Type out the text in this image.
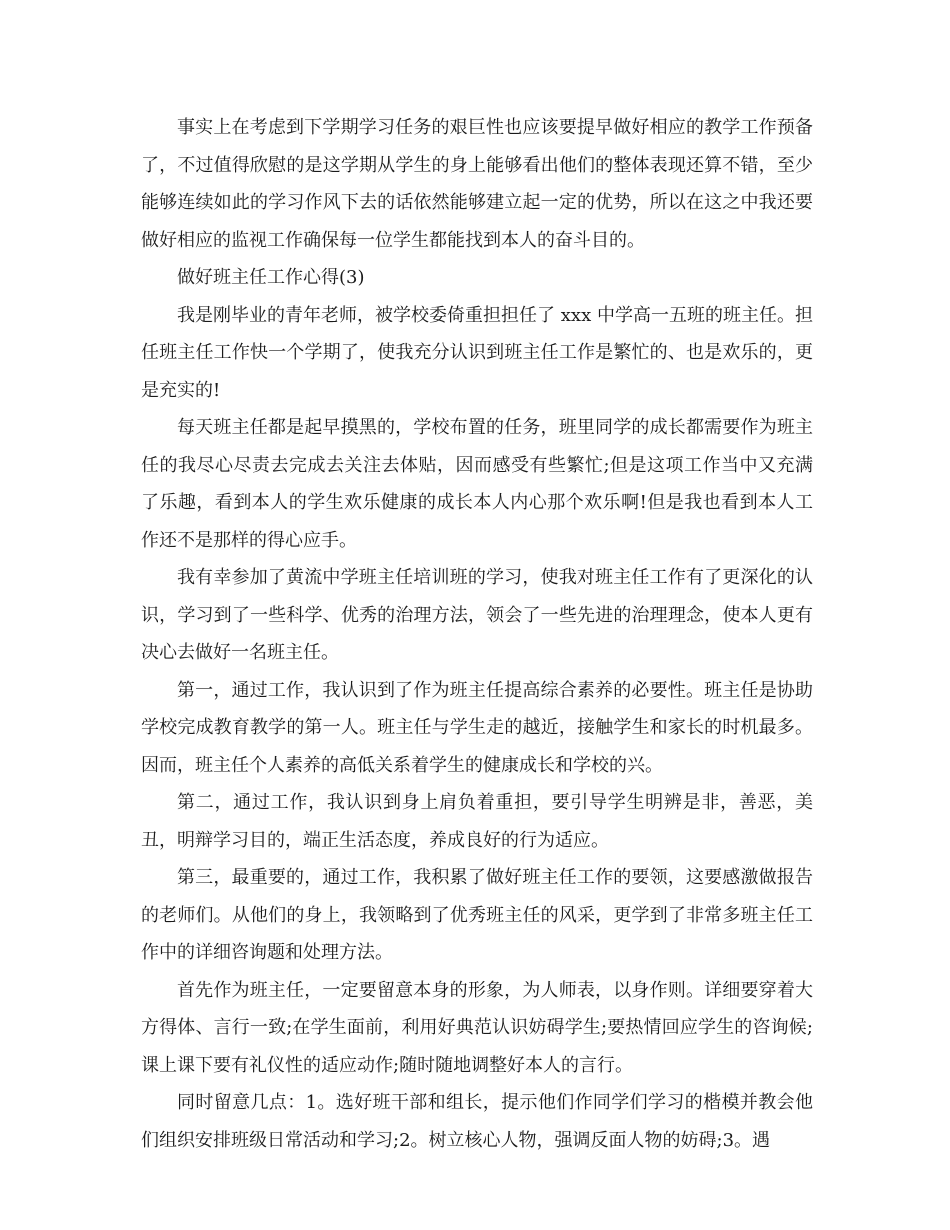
事实上在考虑到下学期学习任务的艰巨性也应该要提早做好相应的教学工作预备了，不过值得欣慰的是这学期从学生的身上能够看出他们的整体表现还算不错，至少能够连续如此的学习作风下去的话依然能够建立起一定的优势，所以在这之中我还要做好相应的监视工作确保每一位学生都能找到本人的奋斗目的。

做好班主任工作心得(3)

我是刚毕业的青年老师，被学校委倚重担担任了 xxx 中学高一五班的班主任。担任班主任工作快一个学期了，使我充分认识到班主任工作是繁忙的、也是欢乐的，更是充实的!

每天班主任都是起早摸黑的，学校布置的任务，班里同学的成长都需要作为班主任的我尽心尽责去完成去关注去体贴，因而感受有些繁忙;但是这项工作当中又充满了乐趣，看到本人的学生欢乐健康的成长本人内心那个欢乐啊!但是我也看到本人工作还不是那样的得心应手。

我有幸参加了黄流中学班主任培训班的学习，使我对班主任工作有了更深化的认识，学习到了一些科学、优秀的治理方法，领会了一些先进的治理理念，使本人更有决心去做好一名班主任。

第一，通过工作，我认识到了作为班主任提高综合素养的必要性。班主任是协助学校完成教育教学的第一人。班主任与学生走的越近，接触学生和家长的时机最多。因而，班主任个人素养的高低关系着学生的健康成长和学校的兴。

第二，通过工作，我认识到身上肩负着重担，要引导学生明辨是非，善恶，美丑，明辩学习目的，端正生活态度，养成良好的行为适应。

第三，最重要的，通过工作，我积累了做好班主任工作的要领，这要感激做报告的老师们。从他们的身上，我领略到了优秀班主任的风采，更学到了非常多班主任工作中的详细咨询题和处理方法。

首先作为班主任，一定要留意本身的形象，为人师表，以身作则。详细要穿着大方得体、言行一致;在学生面前，利用好典范认识妨碍学生;要热情回应学生的咨询候;课上课下要有礼仪性的适应动作;随时随地调整好本人的言行。

同时留意几点：1。选好班干部和组长，提示他们作同学们学习的楷模并教会他们组织安排班级日常活动和学习;2。树立核心人物，强调反面人物的妨碍;3。遇
